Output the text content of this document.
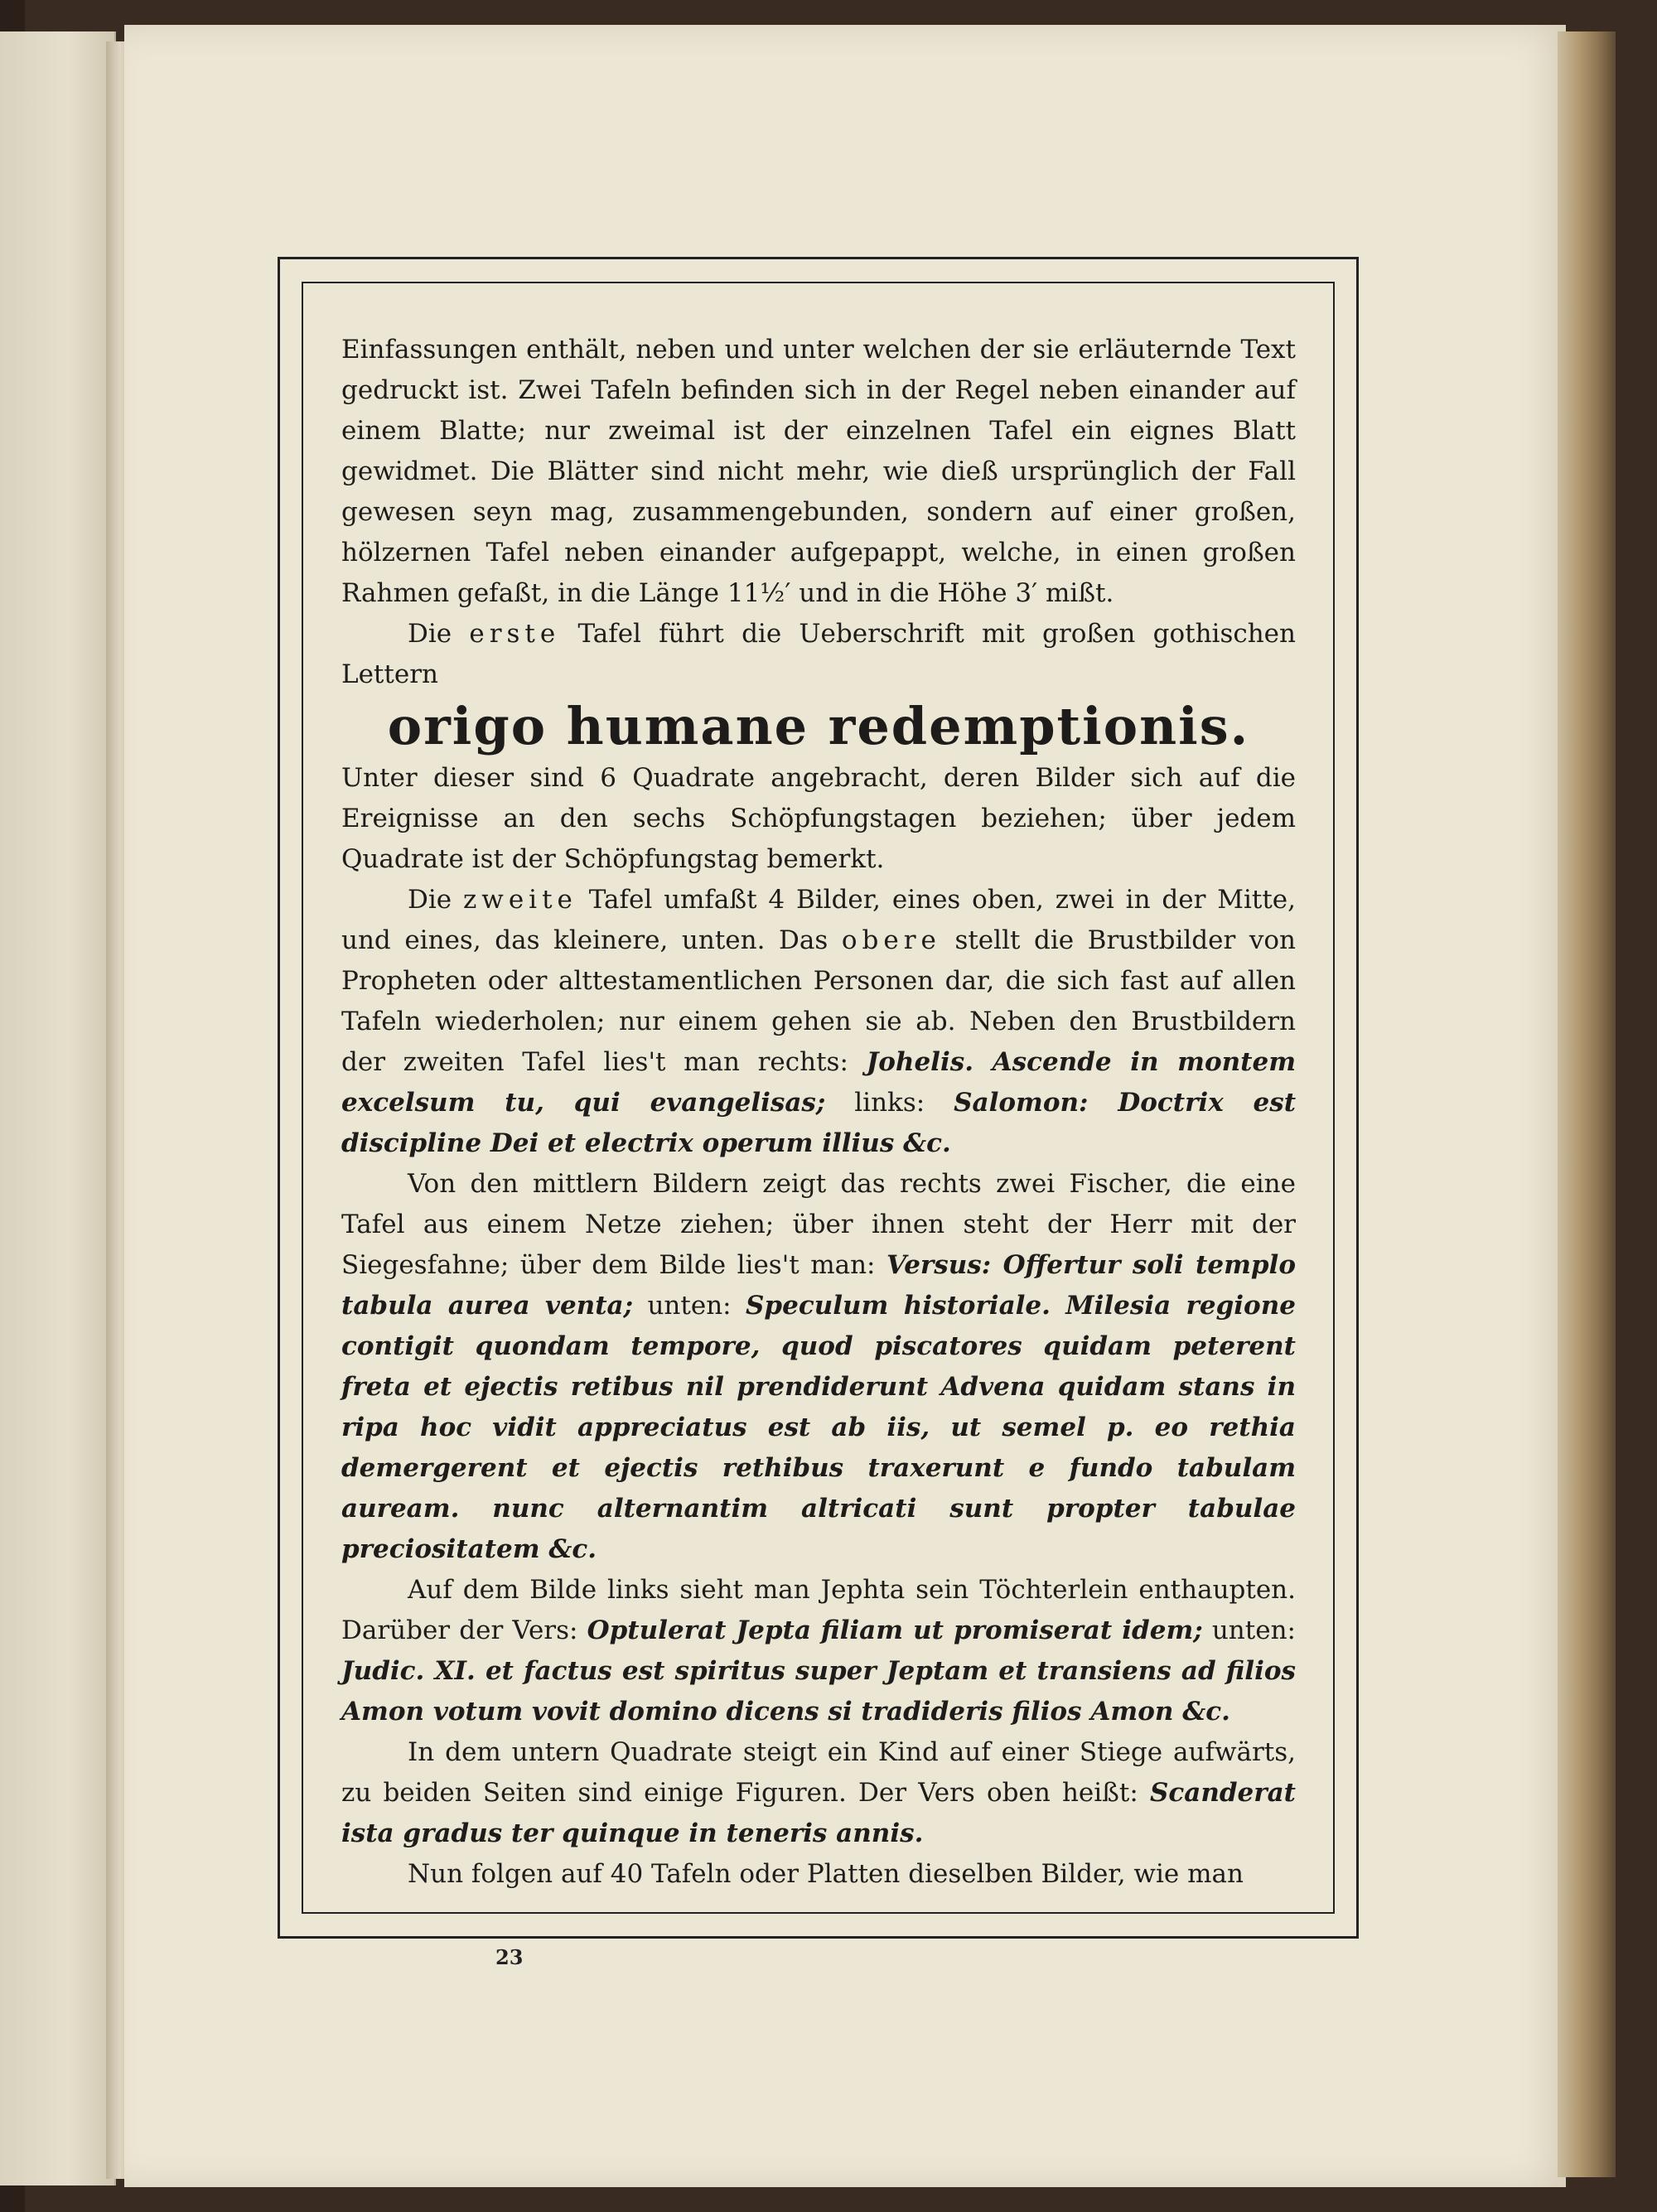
Einfassungen enthält, neben und unter welchen der sie erläuternde Text gedruckt ist. Zwei Tafeln befinden sich in der Regel neben einander auf einem Blatte; nur zweimal ist der einzelnen Tafel ein eignes Blatt gewidmet. Die Blätter sind nicht mehr, wie dieß ursprünglich der Fall gewesen seyn mag, zusammengebunden, sondern auf einer großen, hölzernen Tafel neben einander aufgepappt, welche, in einen großen Rahmen gefaßt, in die Länge 11½′ und in die Höhe 3′ mißt.

Die erste Tafel führt die Ueberschrift mit großen gothischen Lettern

origo humane redemptionis.

Unter dieser sind 6 Quadrate angebracht, deren Bilder sich auf die Ereignisse an den sechs Schöpfungstagen beziehen; über jedem Quadrate ist der Schöpfungstag bemerkt.

Die zweite Tafel umfaßt 4 Bilder, eines oben, zwei in der Mitte, und eines, das kleinere, unten. Das obere stellt die Brustbilder von Propheten oder alttestamentlichen Personen dar, die sich fast auf allen Tafeln wiederholen; nur einem gehen sie ab. Neben den Brustbildern der zweiten Tafel lies't man rechts: Johelis. Ascende in montem excelsum tu, qui evangelisas; links: Salomon: Doctrix est discipline Dei et electrix operum illius &c.

Von den mittlern Bildern zeigt das rechts zwei Fischer, die eine Tafel aus einem Netze ziehen; über ihnen steht der Herr mit der Siegesfahne; über dem Bilde lies't man: Versus: Offertur soli templo tabula aurea venta; unten: Speculum historiale. Milesia regione contigit quondam tempore, quod piscatores quidam peterent freta et ejectis retibus nil prendiderunt Advena quidam stans in ripa hoc vidit appreciatus est ab iis, ut semel p. eo rethia demergerent et ejectis rethibus traxerunt e fundo tabulam auream. nunc alternantim altricati sunt propter tabulae preciositatem &c.

Auf dem Bilde links sieht man Jephta sein Töchterlein enthaupten. Darüber der Vers: Optulerat Jepta filiam ut promiserat idem; unten: Judic. XI. et factus est spiritus super Jeptam et transiens ad filios Amon votum vovit domino dicens si tradideris filios Amon &c.

In dem untern Quadrate steigt ein Kind auf einer Stiege aufwärts, zu beiden Seiten sind einige Figuren. Der Vers oben heißt: Scanderat ista gradus ter quinque in teneris annis.

Nun folgen auf 40 Tafeln oder Platten dieselben Bilder, wie man

23
